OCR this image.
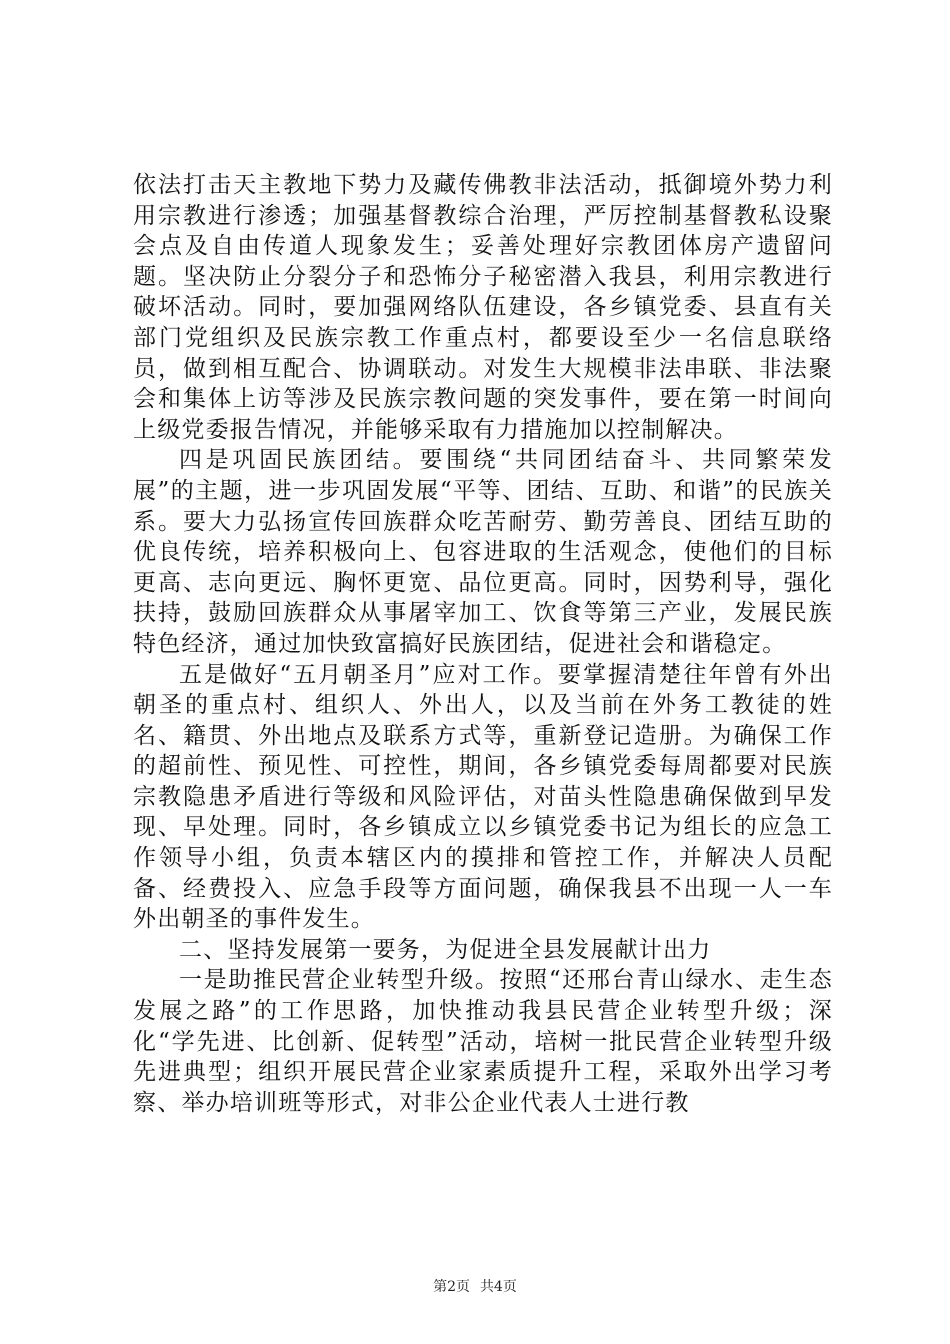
依法打击天主教地下势力及藏传佛教非法活动，抵御境外势力利用宗教进行渗透；加强基督教综合治理，严厉控制基督教私设聚会点及自由传道人现象发生；妥善处理好宗教团体房产遗留问题。坚决防止分裂分子和恐怖分子秘密潜入我县，利用宗教进行破坏活动。同时，要加强网络队伍建设，各乡镇党委、县直有关部门党组织及民族宗教工作重点村，都要设至少一名信息联络员，做到相互配合、协调联动。对发生大规模非法串联、非法聚会和集体上访等涉及民族宗教问题的突发事件，要在第一时间向上级党委报告情况，并能够采取有力措施加以控制解决。

四是巩固民族团结。要围绕“共同团结奋斗、共同繁荣发展”的主题，进一步巩固发展“平等、团结、互助、和谐”的民族关系。要大力弘扬宣传回族群众吃苦耐劳、勤劳善良、团结互助的优良传统，培养积极向上、包容进取的生活观念，使他们的目标更高、志向更远、胸怀更宽、品位更高。同时，因势利导，强化扶持，鼓励回族群众从事屠宰加工、饮食等第三产业，发展民族特色经济，通过加快致富搞好民族团结，促进社会和谐稳定。

五是做好“五月朝圣月”应对工作。要掌握清楚往年曾有外出朝圣的重点村、组织人、外出人，以及当前在外务工教徒的姓名、籍贯、外出地点及联系方式等，重新登记造册。为确保工作的超前性、预见性、可控性，期间，各乡镇党委每周都要对民族宗教隐患矛盾进行等级和风险评估，对苗头性隐患确保做到早发现、早处理。同时，各乡镇成立以乡镇党委书记为组长的应急工作领导小组，负责本辖区内的摸排和管控工作，并解决人员配备、经费投入、应急手段等方面问题，确保我县不出现一人一车外出朝圣的事件发生。

二、坚持发展第一要务，为促进全县发展献计出力

一是助推民营企业转型升级。按照“还邢台青山绿水、走生态发展之路”的工作思路，加快推动我县民营企业转型升级；深化“学先进、比创新、促转型”活动，培树一批民营企业转型升级先进典型；组织开展民营企业家素质提升工程，采取外出学习考察、举办培训班等形式，对非公企业代表人士进行教

第2页 共4页
